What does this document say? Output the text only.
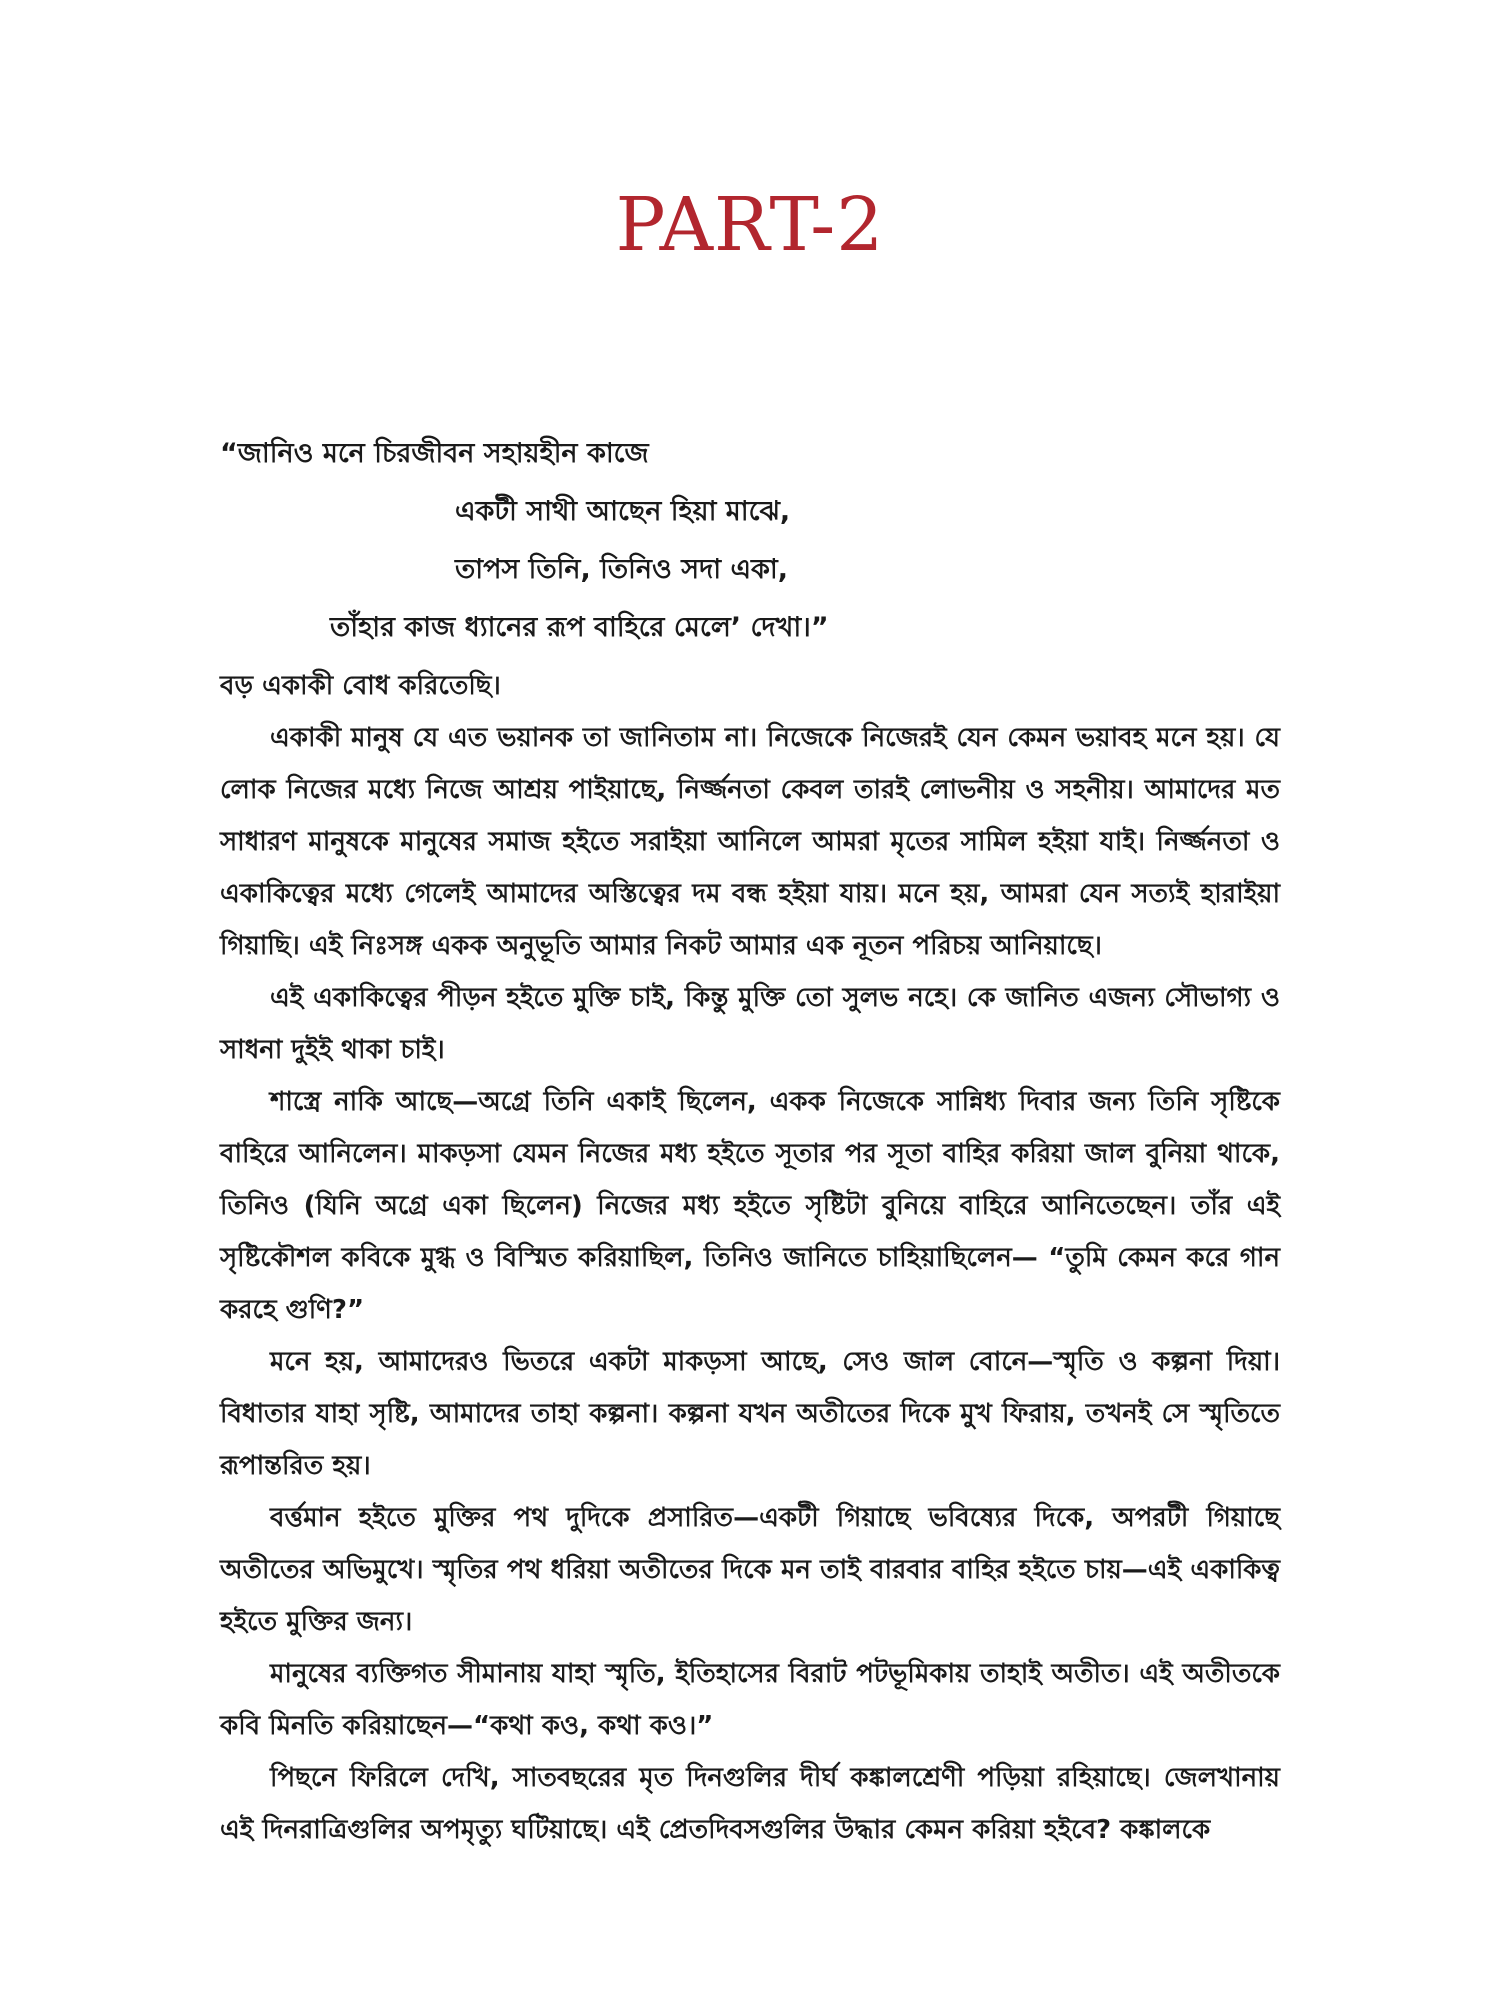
PART-2
“জানিও মনে চিরজীবন সহায়হীন কাজে
একটী সাথী আছেন হিয়া মাঝে,
তাপস তিনি, তিনিও সদা একা,
তাঁহার কাজ ধ্যানের রূপ বাহিরে মেলে’ দেখা।”

বড় একাকী বোধ করিতেছি।

একাকী মানুষ যে এত ভয়ানক তা জানিতাম না। নিজেকে নিজেরই যেন কেমন ভয়াবহ মনে হয়। যে লোক নিজের মধ্যে নিজে আশ্রয় পাইয়াছে, নির্জ্জনতা কেবল তারই লোভনীয় ও সহনীয়। আমাদের মত সাধারণ মানুষকে মানুষের সমাজ হইতে সরাইয়া আনিলে আমরা মৃতের সামিল হইয়া যাই। নির্জ্জনতা ও একাকিত্বের মধ্যে গেলেই আমাদের অস্তিত্বের দম বন্ধ হইয়া যায়। মনে হয়, আমরা যেন সত্যই হারাইয়া গিয়াছি। এই নিঃসঙ্গ একক অনুভূতি আমার নিকট আমার এক নূতন পরিচয় আনিয়াছে।

এই একাকিত্বের পীড়ন হইতে মুক্তি চাই, কিন্তু মুক্তি তো সুলভ নহে। কে জানিত এজন্য সৌভাগ্য ও সাধনা দুইই থাকা চাই।

শাস্ত্রে নাকি আছে—অগ্রে তিনি একাই ছিলেন, একক নিজেকে সান্নিধ্য দিবার জন্য তিনি সৃষ্টিকে বাহিরে আনিলেন। মাকড়সা যেমন নিজের মধ্য হইতে সূতার পর সূতা বাহির করিয়া জাল বুনিয়া থাকে, তিনিও (যিনি অগ্রে একা ছিলেন) নিজের মধ্য হইতে সৃষ্টিটা বুনিয়ে বাহিরে আনিতেছেন। তাঁর এই সৃষ্টিকৌশল কবিকে মুগ্ধ ও বিস্মিত করিয়াছিল, তিনিও জানিতে চাহিয়াছিলেন— “তুমি কেমন করে গান করহে গুণি?”

মনে হয়, আমাদেরও ভিতরে একটা মাকড়সা আছে, সেও জাল বোনে—স্মৃতি ও কল্পনা দিয়া। বিধাতার যাহা সৃষ্টি, আমাদের তাহা কল্পনা। কল্পনা যখন অতীতের দিকে মুখ ফিরায়, তখনই সে স্মৃতিতে রূপান্তরিত হয়।

বর্ত্তমান হইতে মুক্তির পথ দুদিকে প্রসারিত—একটী গিয়াছে ভবিষ্যের দিকে, অপরটী গিয়াছে অতীতের অভিমুখে। স্মৃতির পথ ধরিয়া অতীতের দিকে মন তাই বারবার বাহির হইতে চায়—এই একাকিত্ব হইতে মুক্তির জন্য।

মানুষের ব্যক্তিগত সীমানায় যাহা স্মৃতি, ইতিহাসের বিরাট পটভূমিকায় তাহাই অতীত। এই অতীতকে কবি মিনতি করিয়াছেন—“কথা কও, কথা কও।”

পিছনে ফিরিলে দেখি, সাতবছরের মৃত দিনগুলির দীর্ঘ কঙ্কালশ্রেণী পড়িয়া রহিয়াছে। জেলখানায় এই দিনরাত্রিগুলির অপমৃত্যু ঘটিয়াছে। এই প্রেতদিবসগুলির উদ্ধার কেমন করিয়া হইবে? কঙ্কালকে
